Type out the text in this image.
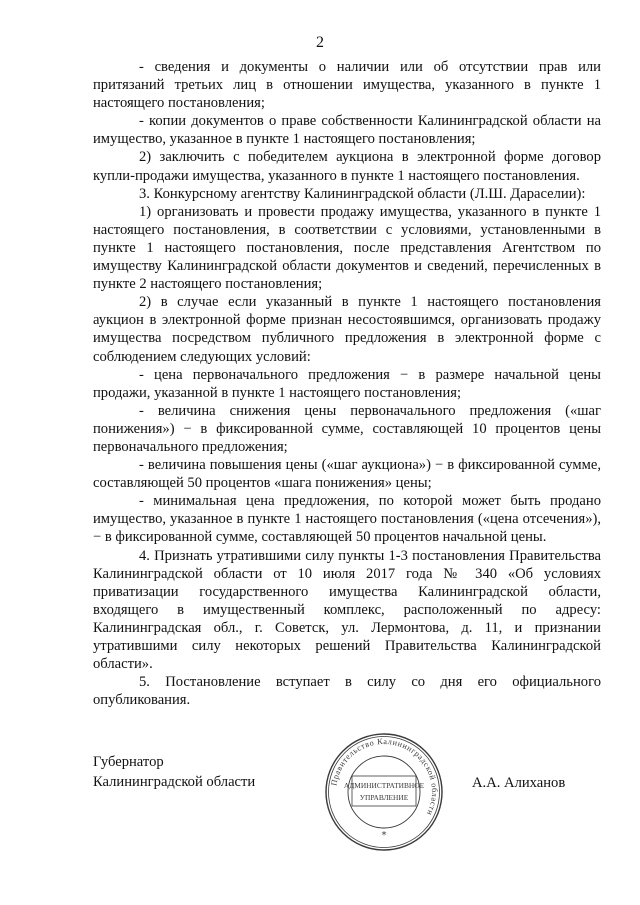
2

- сведения и документы о наличии или об отсутствии прав или притязаний третьих лиц в отношении имущества, указанного в пункте 1 настоящего постановления;

- копии документов о праве собственности Калининградской области на имущество, указанное в пункте 1 настоящего постановления;

2) заключить с победителем аукциона в электронной форме договор купли-продажи имущества, указанного в пункте 1 настоящего постановления.

3. Конкурсному агентству Калининградской области (Л.Ш. Дараселии):

1) организовать и провести продажу имущества, указанного в пункте 1 настоящего постановления, в соответствии с условиями, установленными в пункте 1 настоящего постановления, после представления Агентством по имуществу Калининградской области документов и сведений, перечисленных в пункте 2 настоящего постановления;

2) в случае если указанный в пункте 1 настоящего постановления аукцион в электронной форме признан несостоявшимся, организовать продажу имущества посредством публичного предложения в электронной форме с соблюдением следующих условий:

- цена первоначального предложения − в размере начальной цены продажи, указанной в пункте 1 настоящего постановления;

- величина снижения цены первоначального предложения («шаг понижения») − в фиксированной сумме, составляющей 10 процентов цены первоначального предложения;

- величина повышения цены («шаг аукциона») − в фиксированной сумме, составляющей 50 процентов «шага понижения» цены;

- минимальная цена предложения, по которой может быть продано имущество, указанное в пункте 1 настоящего постановления («цена отсечения»), − в фиксированной сумме, составляющей 50 процентов начальной цены.

4. Признать утратившими силу пункты 1-3 постановления Правительства Калининградской области от 10 июля 2017 года № 340 «Об условиях приватизации государственного имущества Калининградской области, входящего в имущественный комплекс, расположенный по адресу: Калининградская обл., г. Советск, ул. Лермонтова, д. 11, и признании утратившими силу некоторых решений Правительства Калининградской области».

5. Постановление вступает в силу со дня его официального опубликования.

Губернатор
Калининградской области	А.А. Алиханов
Правительство Калининградской области
АДМИНИСТРАТИВНОЕ
УПРАВЛЕНИЕ
*
